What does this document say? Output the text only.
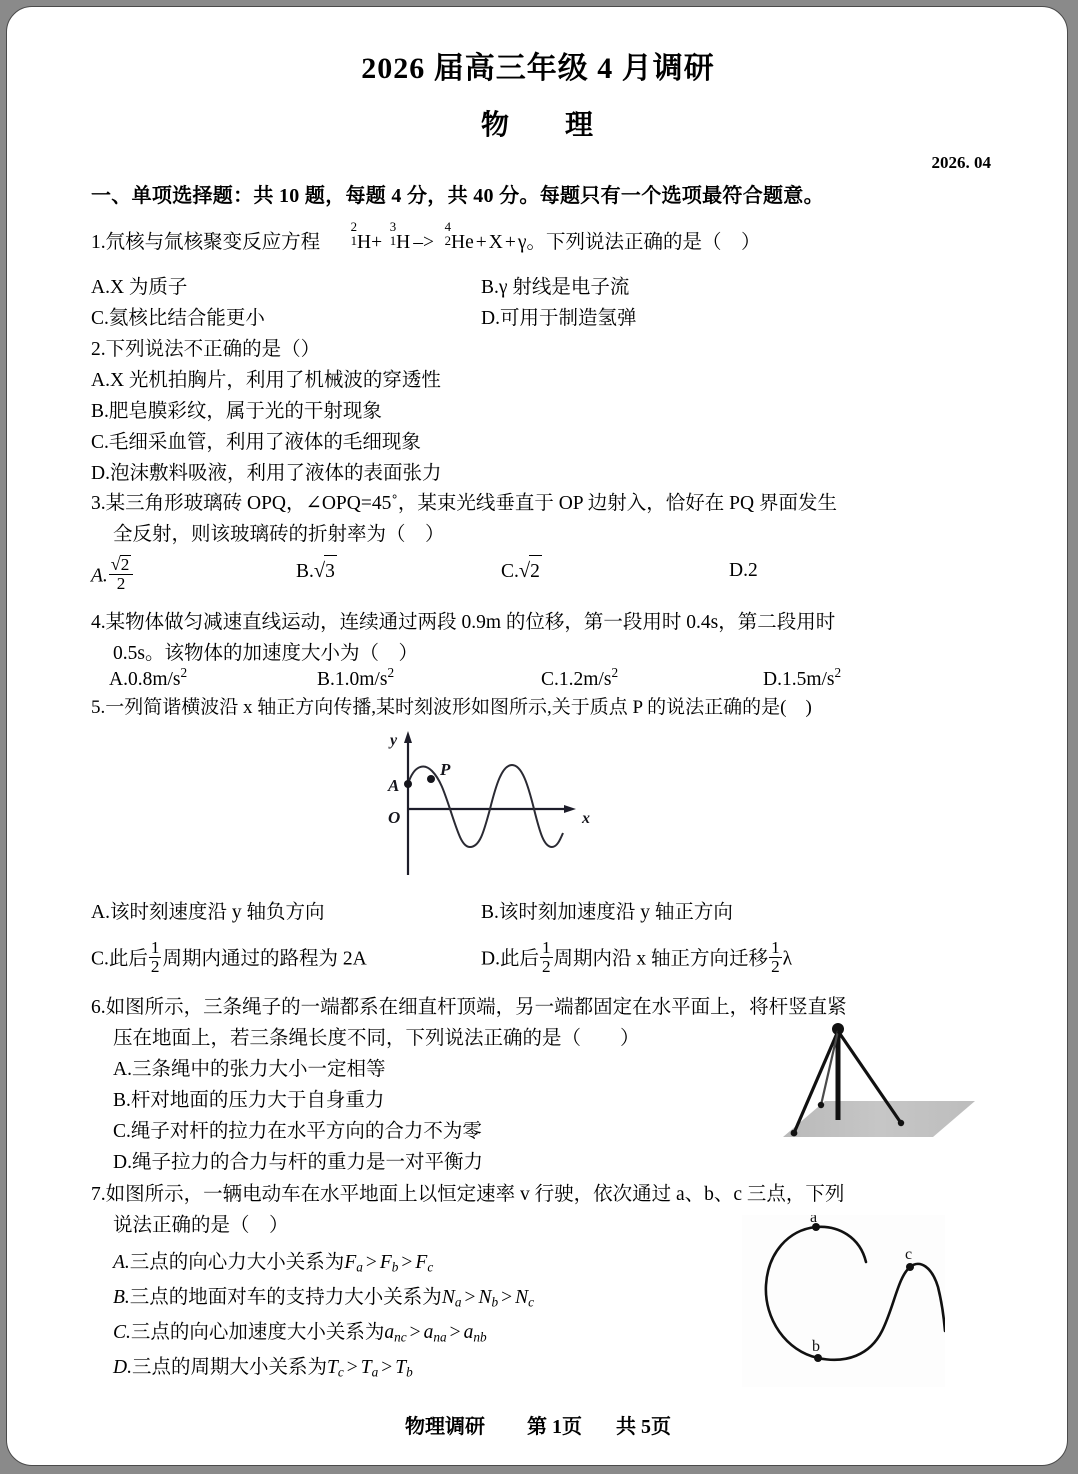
2026 届高三年级 4 月调研
物 理
2026. 04
一、单项选择题：共 10 题，每题 4 分，共 40 分。每题只有一个选项最符合题意。
1.氘核与氚核聚变反应方程
2
1 H+
3
1 H –>
4
2 He + X + γ。下列说法正确的是（　）
A.X 为质子	B.γ 射线是电子流
C.氦核比结合能更小	D.可用于制造氢弹
2.下列说法不正确的是（）
A.X 光机拍胸片，利用了机械波的穿透性
B.肥皂膜彩纹，属于光的干射现象
C.毛细采血管，利用了液体的毛细现象
D.泡沫敷料吸液，利用了液体的表面张力
3.某三角形玻璃砖 OPQ，∠OPQ=45˚，某束光线垂直于 OP 边射入，恰好在 PQ 界面发生
全反射，则该玻璃砖的折射率为（　）
A. $\frac{√2}{2}$	B.√3	C.√2	D.2
4.某物体做匀减速直线运动，连续通过两段 0.9m 的位移，第一段用时 0.4s，第二段用时
0.5s。该物体的加速度大小为（　）
$A.0.8m/s^2$	$B.1.0m/s^2$	$C.1.2m/s^2$	$D.1.5m/s^2$
5.一列简谐横波沿 x 轴正方向传播,某时刻波形如图所示,关于质点 P 的说法正确的是(　)
A
P
O
y
x
A.该时刻速度沿 y 轴负方向	B.该时刻加速度沿 y 轴正方向
C.此后 $\frac{1}{2}$ 周期内通过的路程为 2A	D.此后 $\frac{1}{2}$ 周期内沿 x 轴正方向迁移 $\frac{1}{2}$ λ
6.如图所示，三条绳子的一端都系在细直杆顶端，另一端都固定在水平面上，将杆竖直紧
压在地面上，若三条绳长度不同，下列说法正确的是（　　）
A.三条绳中的张力大小一定相等
B.杆对地面的压力大于自身重力
C.绳子对杆的拉力在水平方向的合力不为零
D.绳子拉力的合力与杆的重力是一对平衡力
7.如图所示，一辆电动车在水平地面上以恒定速率 v 行驶，依次通过 a、b、c 三点，下列
说法正确的是（　）
A.三点的向心力大小关系为$F_a > F_b > F_c$
B.三点的地面对车的支持力大小关系为$N_a > N_b > N_c$
C.三点的向心加速度大小关系为$a_{nc} > a_{na} > a_{nb}$
D.三点的周期大小关系为$T_c > T_a > T_b$
a
b
c
物理调研 第 1页 共 5页
